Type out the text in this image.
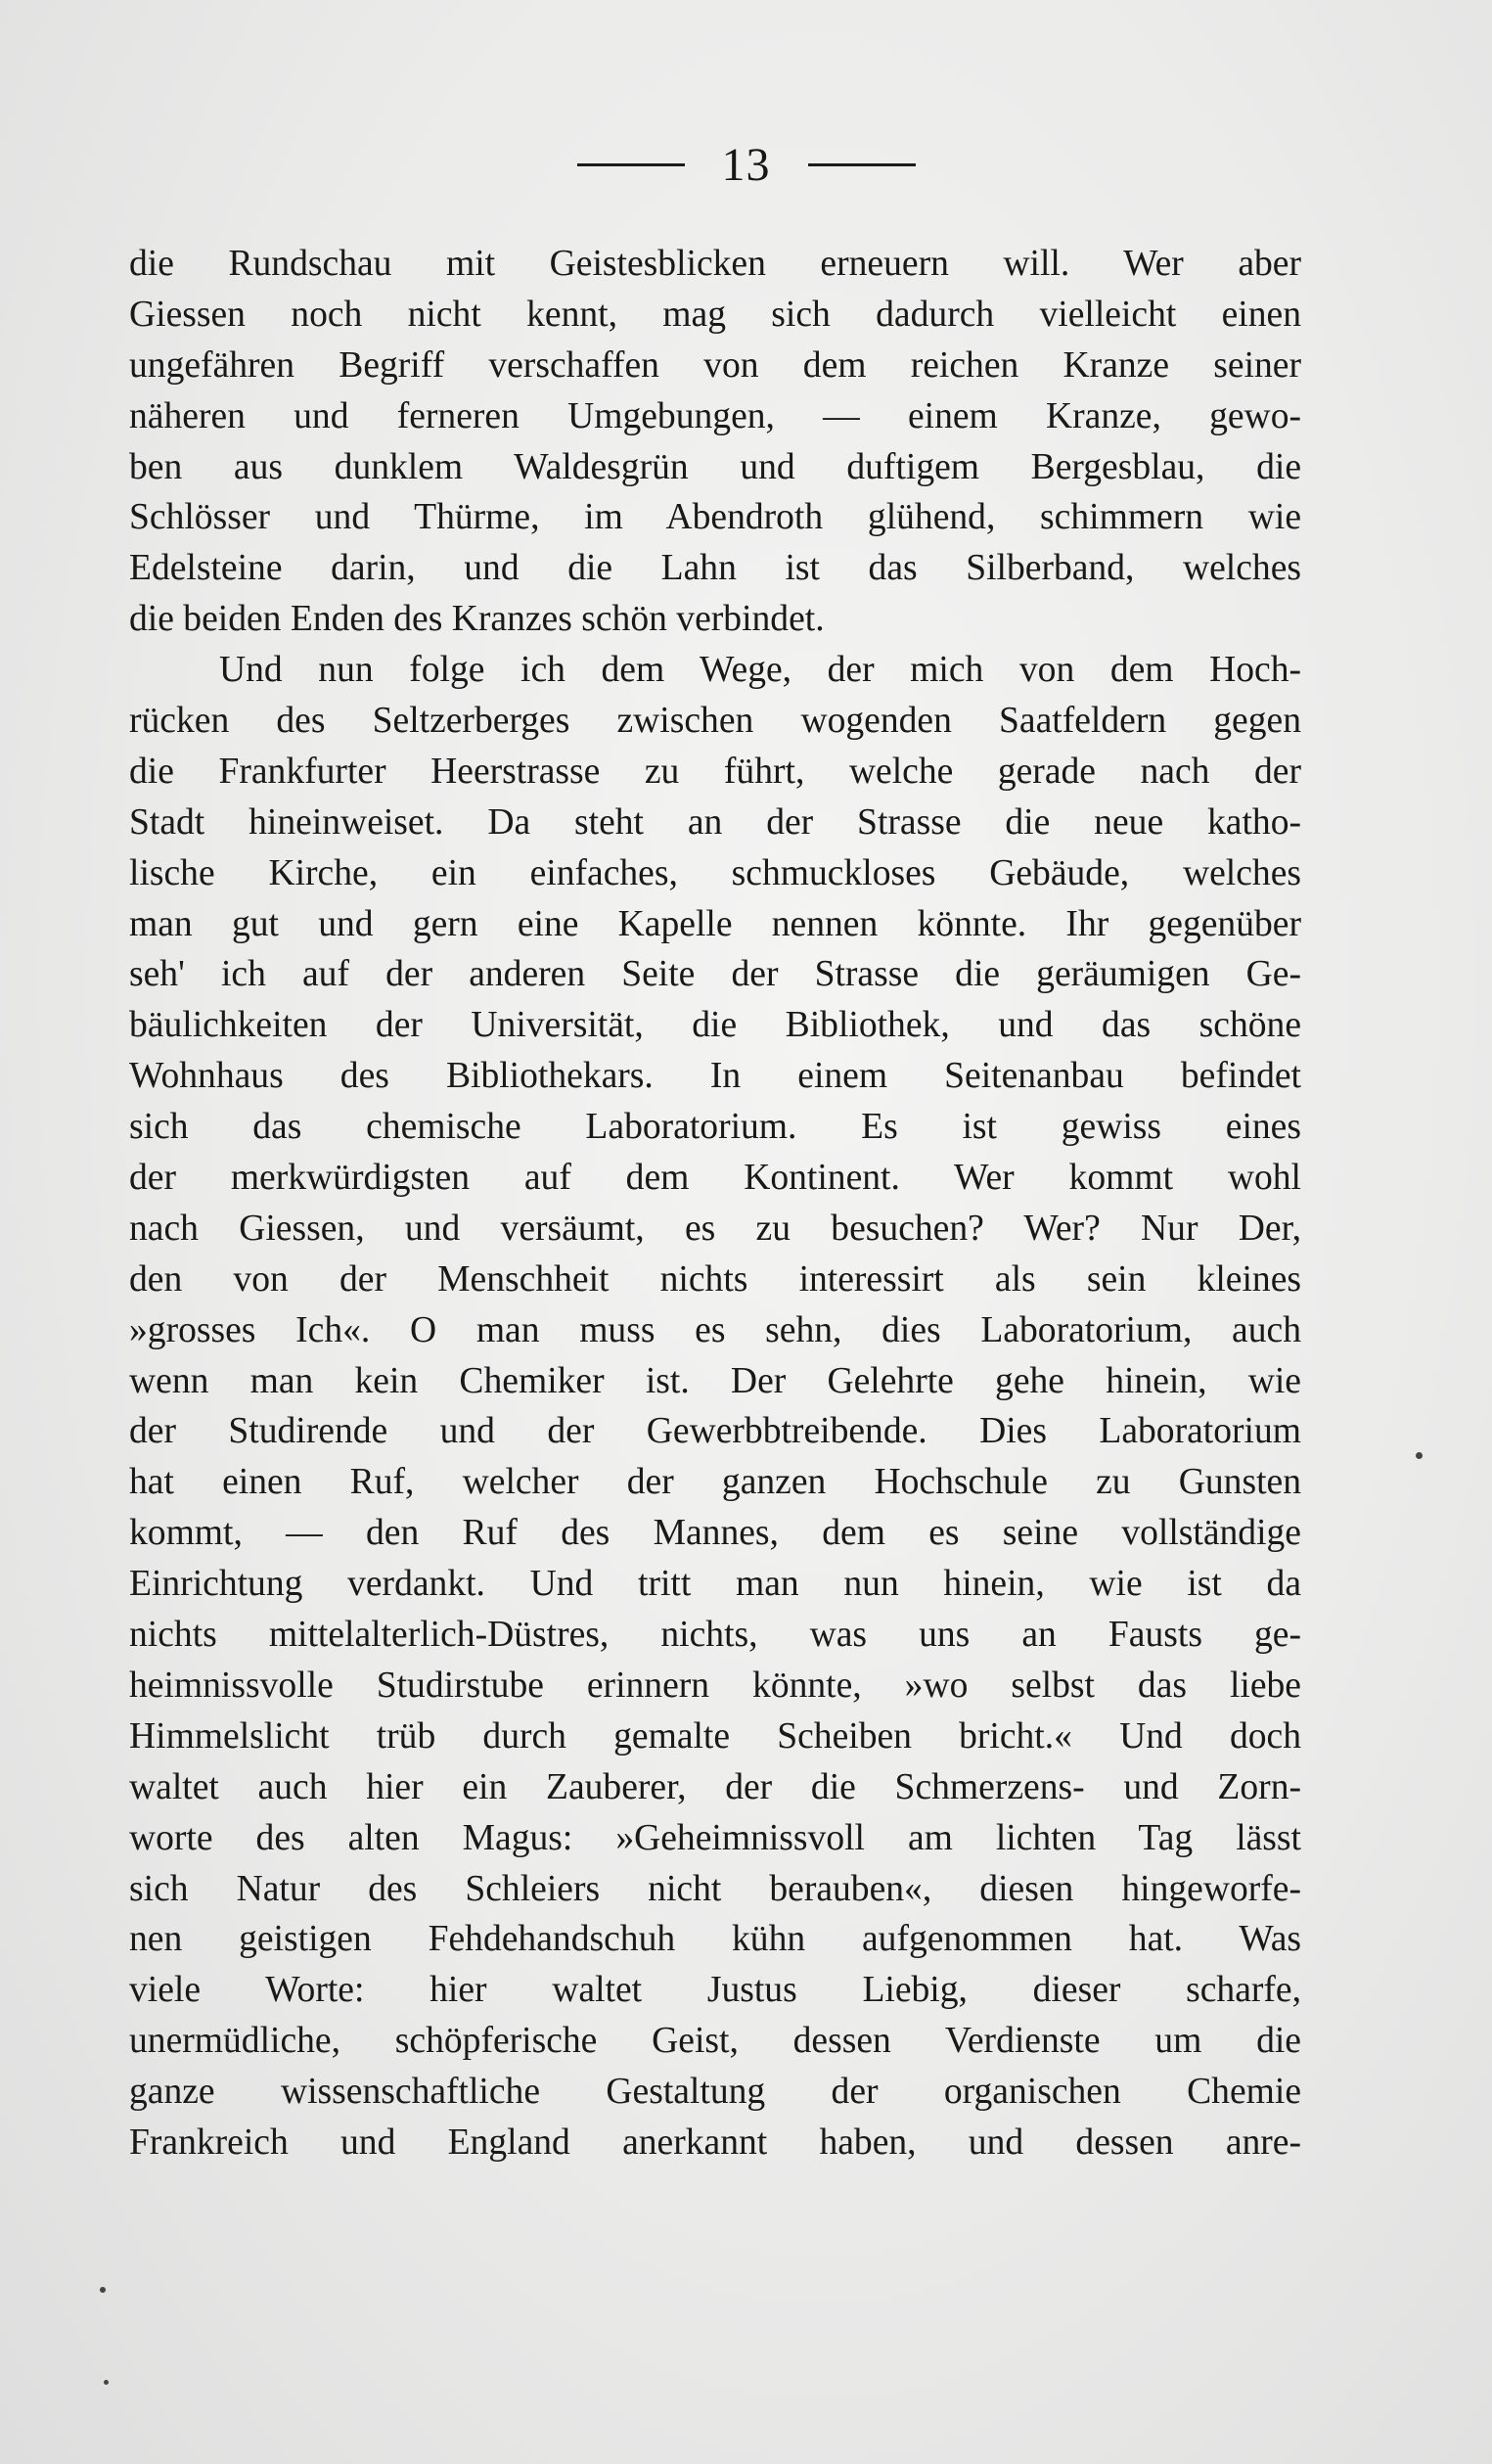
13
die Rundschau mit Geistesblicken erneuern will. Wer aber
Giessen noch nicht kennt, mag sich dadurch vielleicht einen
ungefähren Begriff verschaffen von dem reichen Kranze seiner
näheren und ferneren Umgebungen, — einem Kranze, gewo-
ben aus dunklem Waldesgrün und duftigem Bergesblau, die
Schlösser und Thürme, im Abendroth glühend, schimmern wie
Edelsteine darin, und die Lahn ist das Silberband, welches
die beiden Enden des Kranzes schön verbindet.
Und nun folge ich dem Wege, der mich von dem Hoch-
rücken des Seltzerberges zwischen wogenden Saatfeldern gegen
die Frankfurter Heerstrasse zu führt, welche gerade nach der
Stadt hineinweiset. Da steht an der Strasse die neue katho-
lische Kirche, ein einfaches, schmuckloses Gebäude, welches
man gut und gern eine Kapelle nennen könnte. Ihr gegenüber
seh' ich auf der anderen Seite der Strasse die geräumigen Ge-
bäulichkeiten der Universität, die Bibliothek, und das schöne
Wohnhaus des Bibliothekars. In einem Seitenanbau befindet
sich das chemische Laboratorium. Es ist gewiss eines
der merkwürdigsten auf dem Kontinent. Wer kommt wohl
nach Giessen, und versäumt, es zu besuchen? Wer? Nur Der,
den von der Menschheit nichts interessirt als sein kleines
»grosses Ich«. O man muss es sehn, dies Laboratorium, auch
wenn man kein Chemiker ist. Der Gelehrte gehe hinein, wie
der Studirende und der Gewerbbtreibende. Dies Laboratorium
hat einen Ruf, welcher der ganzen Hochschule zu Gunsten
kommt, — den Ruf des Mannes, dem es seine vollständige
Einrichtung verdankt. Und tritt man nun hinein, wie ist da
nichts mittelalterlich-Düstres, nichts, was uns an Fausts ge-
heimnissvolle Studirstube erinnern könnte, »wo selbst das liebe
Himmelslicht trüb durch gemalte Scheiben bricht.« Und doch
waltet auch hier ein Zauberer, der die Schmerzens- und Zorn-
worte des alten Magus: »Geheimnissvoll am lichten Tag lässt
sich Natur des Schleiers nicht berauben«, diesen hingeworfe-
nen geistigen Fehdehandschuh kühn aufgenommen hat. Was
viele Worte: hier waltet Justus Liebig, dieser scharfe,
unermüdliche, schöpferische Geist, dessen Verdienste um die
ganze wissenschaftliche Gestaltung der organischen Chemie
Frankreich und England anerkannt haben, und dessen anre-
